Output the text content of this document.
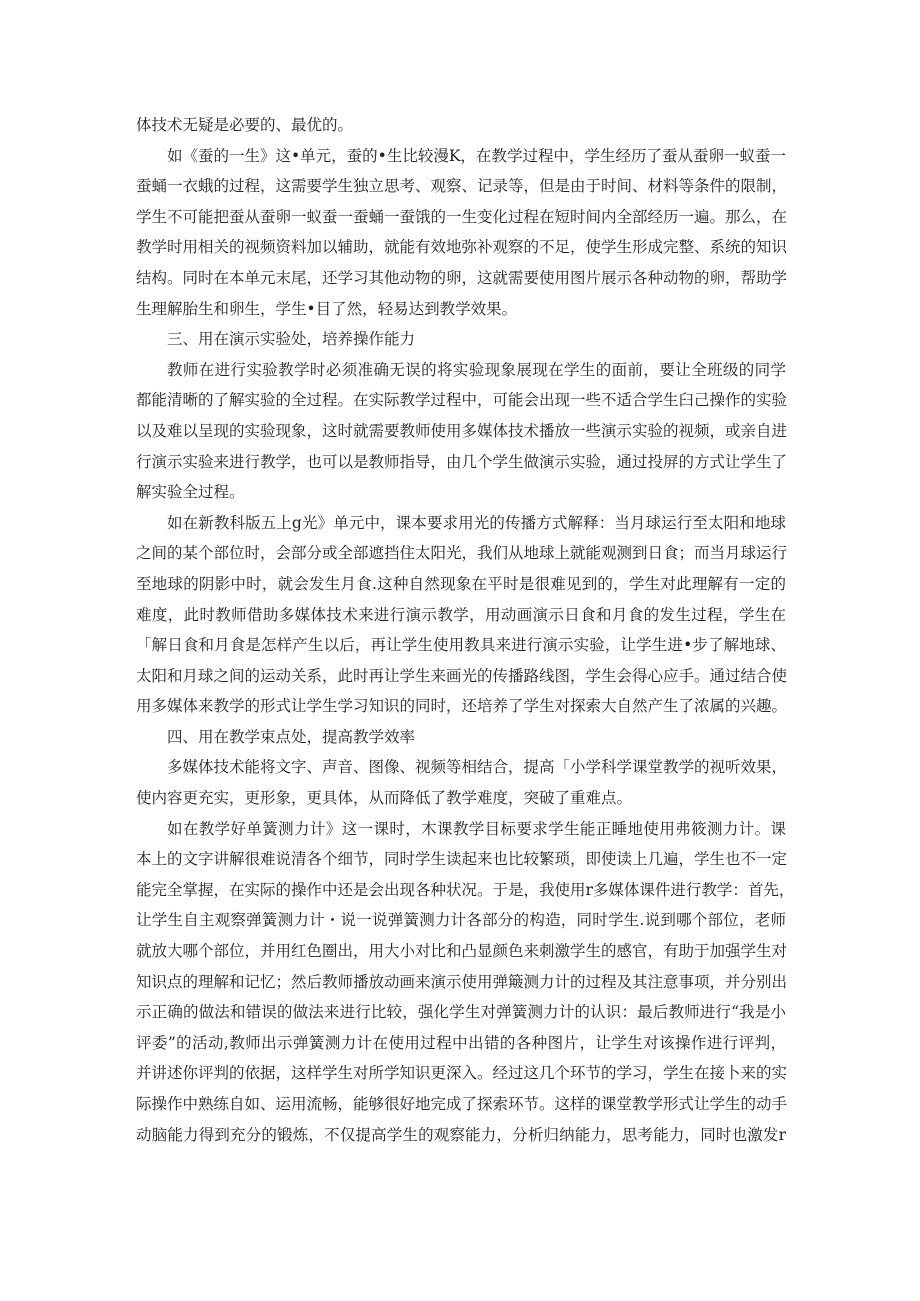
体技术无疑是必要的、最优的。
如《蚕的一生》这•单元，蚕的•生比较漫K，在教学过程中，学生经历了蚕从蚕卵一蚁蚕一
蚕蛹一衣蛾的过程，这需要学生独立思考、观察、记录等，但是由于时间、材料等条件的限制，
学生不可能把蚕从蚕卵一蚁蚕一蚕蛹一蚕饿的一生变化过程在短时间内全部经历一遍。那么，在
教学时用相关的视频资料加以辅助，就能有效地弥补观察的不足，使学生形成完整、系统的知识
结构。同时在本单元末尾，还学习其他动物的卵，这就需要使用图片展示各种动物的卵，帮助学
生理解胎生和卵生，学生•目了然，轻易达到教学效果。
三、用在演示实验处，培养操作能力
教师在进行实验教学时必须准确无误的将实验现象展现在学生的面前，要让全班级的同学
都能清晰的了解实验的全过程。在实际教学过程中，可能会出现一些不适合学生臼己操作的实验
以及难以呈现的实验现象，这时就需要教师使用多媒体技术播放一些演示实验的视频，或亲自进
行演示实验来进行教学，也可以是教师指导，由几个学生做演示实验，通过投屏的方式让学生了
解实验全过程。
如在新教科版五上g光》单元中，课本要求用光的传播方式解释：当月球运行至太阳和地球
之间的某个部位时，会部分或全部遮挡住太阳光，我们从地球上就能观测到日食；而当月球运行
至地球的阴影中时，就会发生月食.这种自然现象在平时是很难见到的，学生对此理解有一定的
难度，此时教师借助多媒体技术来进行演示教学，用动画演示日食和月食的发生过程，学生在
「解日食和月食是怎样产生以后，再让学生使用教具来进行演示实验，让学生进•步了解地球、
太阳和月球之间的运动关系，此时再让学生来画光的传播路线图，学生会得心应手。通过结合使
用多媒体来教学的形式让学生学习知识的同时，还培养了学生对探索大自然产生了浓属的兴趣。
四、用在教学束点处，提高教学效率
多媒体技术能将文字、声音、图像、视频等相结合，提高「小学科学课堂教学的视听效果，
使内容更充实，更形象，更具体，从而降低了教学难度，突破了重难点。
如在教学好单簧测力计》这一课时，木课教学目标要求学生能正睡地使用弗筱测力计。课
本上的文字讲解很难说清各个细节，同时学生读起来也比较繁琐，即使读上几遍，学生也不一定
能完全掌握，在实际的操作中还是会出现各种状况。于是，我使用r多媒体课件进行教学：首先，
让学生自主观察弹簧测力计・说一说弹簧测力计各部分的构造，同时学生.说到哪个部位，老师
就放大哪个部位，并用红色圈出，用大小对比和凸显颜色来刺激学生的感官，有助于加强学生对
知识点的理解和记忆；然后教师播放动画来演示使用弹簸测力计的过程及其注意事项，并分别出
示正确的做法和错误的做法来进行比较，强化学生对弹簧测力计的认识：最后教师进行“我是小
评委”的活动,教师出示弹簧测力计在使用过程中出错的各种图片，让学生对该操作进行评判，
并讲述你评判的依据，这样学生对所学知识更深入。经过这几个环节的学习，学生在接卜来的实
际操作中熟练自如、运用流畅，能够很好地完成了探索环节。这样的课堂教学形式让学生的动手
动脑能力得到充分的锻炼，不仅提高学生的观察能力，分析归纳能力，思考能力，同时也激发r
